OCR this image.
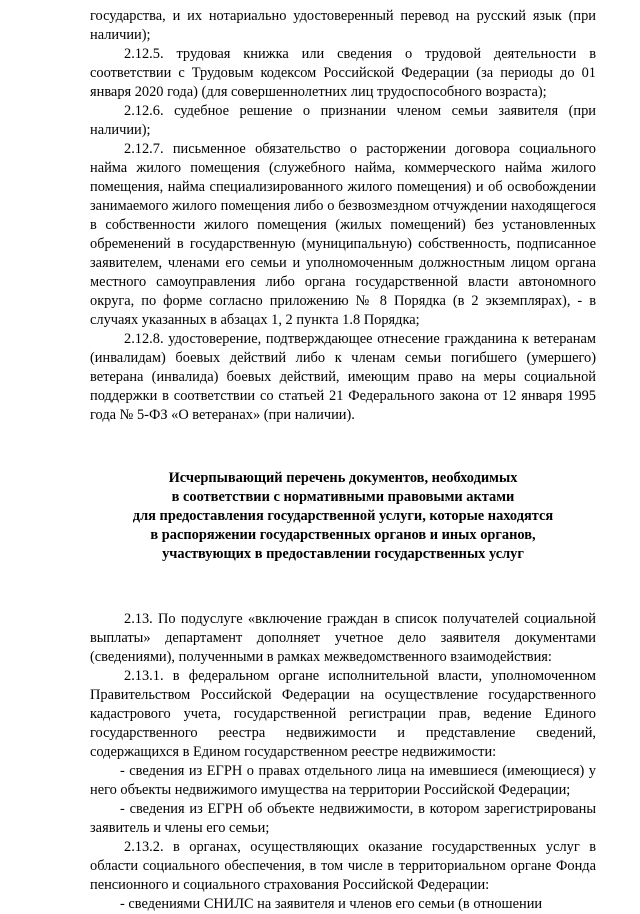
государства, и их нотариально удостоверенный перевод на русский язык (при наличии);

2.12.5. трудовая книжка или сведения о трудовой деятельности в соответствии с Трудовым кодексом Российской Федерации (за периоды до 01 января 2020 года) (для совершеннолетних лиц трудоспособного возраста);

2.12.6. судебное решение о признании членом семьи заявителя (при наличии);

2.12.7. письменное обязательство о расторжении договора социального найма жилого помещения (служебного найма, коммерческого найма жилого помещения, найма специализированного жилого помещения) и об освобождении занимаемого жилого помещения либо о безвозмездном отчуждении находящегося в собственности жилого помещения (жилых помещений) без установленных обременений в государственную (муниципальную) собственность, подписанное заявителем, членами его семьи и уполномоченным должностным лицом органа местного самоуправления либо органа государственной власти автономного округа, по форме согласно приложению № 8 Порядка (в 2 экземплярах), - в случаях указанных в абзацах 1, 2 пункта 1.8 Порядка;

2.12.8. удостоверение, подтверждающее отнесение гражданина к ветеранам (инвалидам) боевых действий либо к членам семьи погибшего (умершего) ветерана (инвалида) боевых действий, имеющим право на меры социальной поддержки в соответствии со статьей 21 Федерального закона от 12 января 1995 года № 5-ФЗ «О ветеранах» (при наличии).

Исчерпывающий перечень документов, необходимых
в соответствии с нормативными правовыми актами
для предоставления государственной услуги, которые находятся
в распоряжении государственных органов и иных органов,
участвующих в предоставлении государственных услуг

2.13. По подуслуге «включение граждан в список получателей социальной выплаты» департамент дополняет учетное дело заявителя документами (сведениями), полученными в рамках межведомственного взаимодействия:

2.13.1. в федеральном органе исполнительной власти, уполномоченном Правительством Российской Федерации на осуществление государственного кадастрового учета, государственной регистрации прав, ведение Единого государственного реестра недвижимости и представление сведений, содержащихся в Едином государственном реестре недвижимости:

- сведения из ЕГРН о правах отдельного лица на имевшиеся (имеющиеся) у него объекты недвижимого имущества на территории Российской Федерации;

- сведения из ЕГРН об объекте недвижимости, в котором зарегистрированы заявитель и члены его семьи;

2.13.2. в органах, осуществляющих оказание государственных услуг в области социального обеспечения, в том числе в территориальном органе Фонда пенсионного и социального страхования Российской Федерации:

- сведениями СНИЛС на заявителя и членов его семьи (в отношении
